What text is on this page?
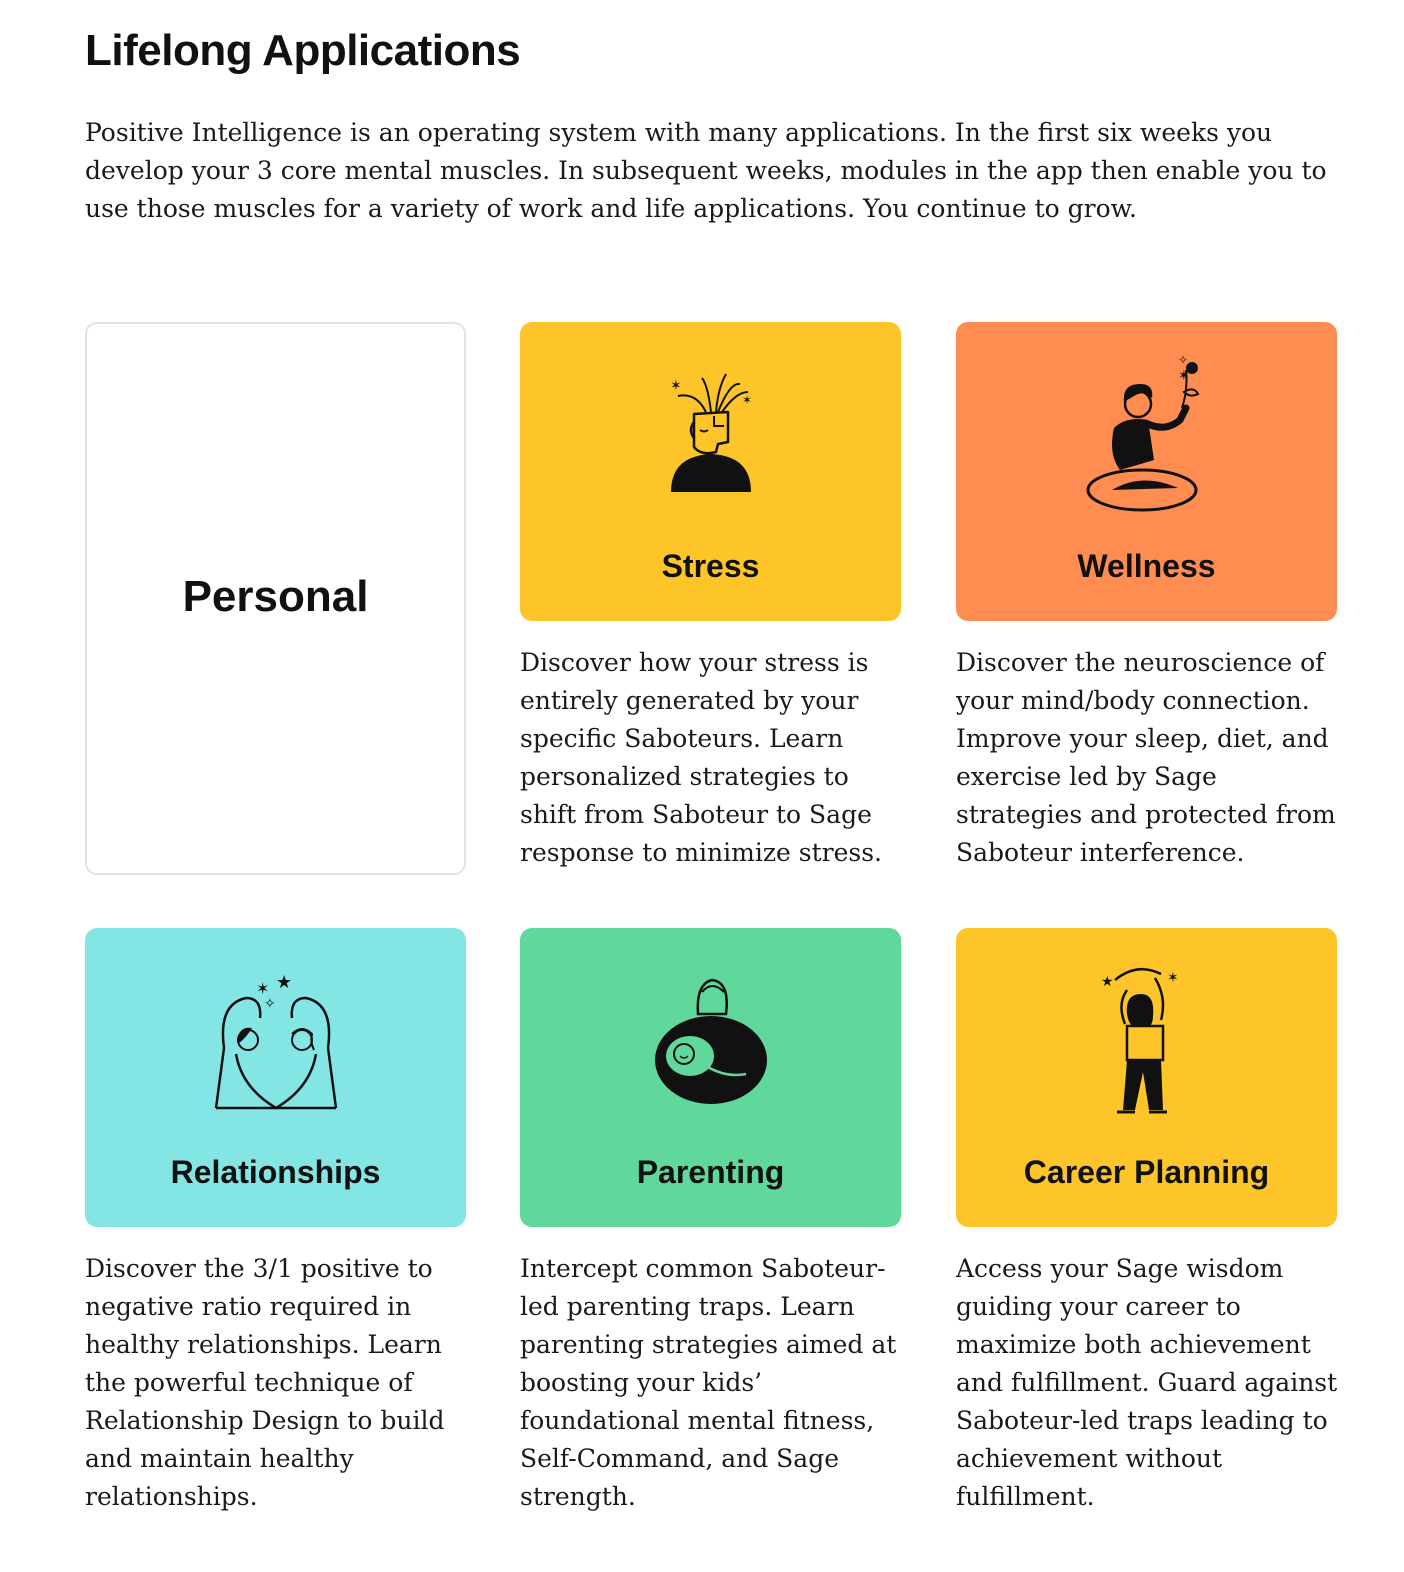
Lifelong Applications

Positive Intelligence is an operating system with many applications. In the first six weeks you develop your 3 core mental muscles. In subsequent weeks, modules in the app then enable you to use those muscles for a variety of work and life applications. You continue to grow.

Personal
✶
✶
Stress

Discover how your stress is entirely generated by your specific Saboteurs. Learn personalized strategies to shift from Saboteur to Sage response to minimize stress.

✶
✧
Wellness

Discover the neuroscience of your mind/body connection. Improve your sleep, diet, and exercise led by Sage strategies and protected from Saboteur interference.

✶ ★
✧
Relationships

Discover the 3/1 positive to negative ratio required in healthy relationships. Learn the powerful technique of Relationship Design to build and maintain healthy relationships.

Parenting

Intercept common Saboteur-led parenting traps. Learn parenting strategies aimed at boosting your kids’ foundational mental fitness, Self-Command, and Sage strength.

★	✶
Career Planning

Access your Sage wisdom guiding your career to maximize both achievement and fulfillment. Guard against Saboteur-led traps leading to achievement without fulfillment.
